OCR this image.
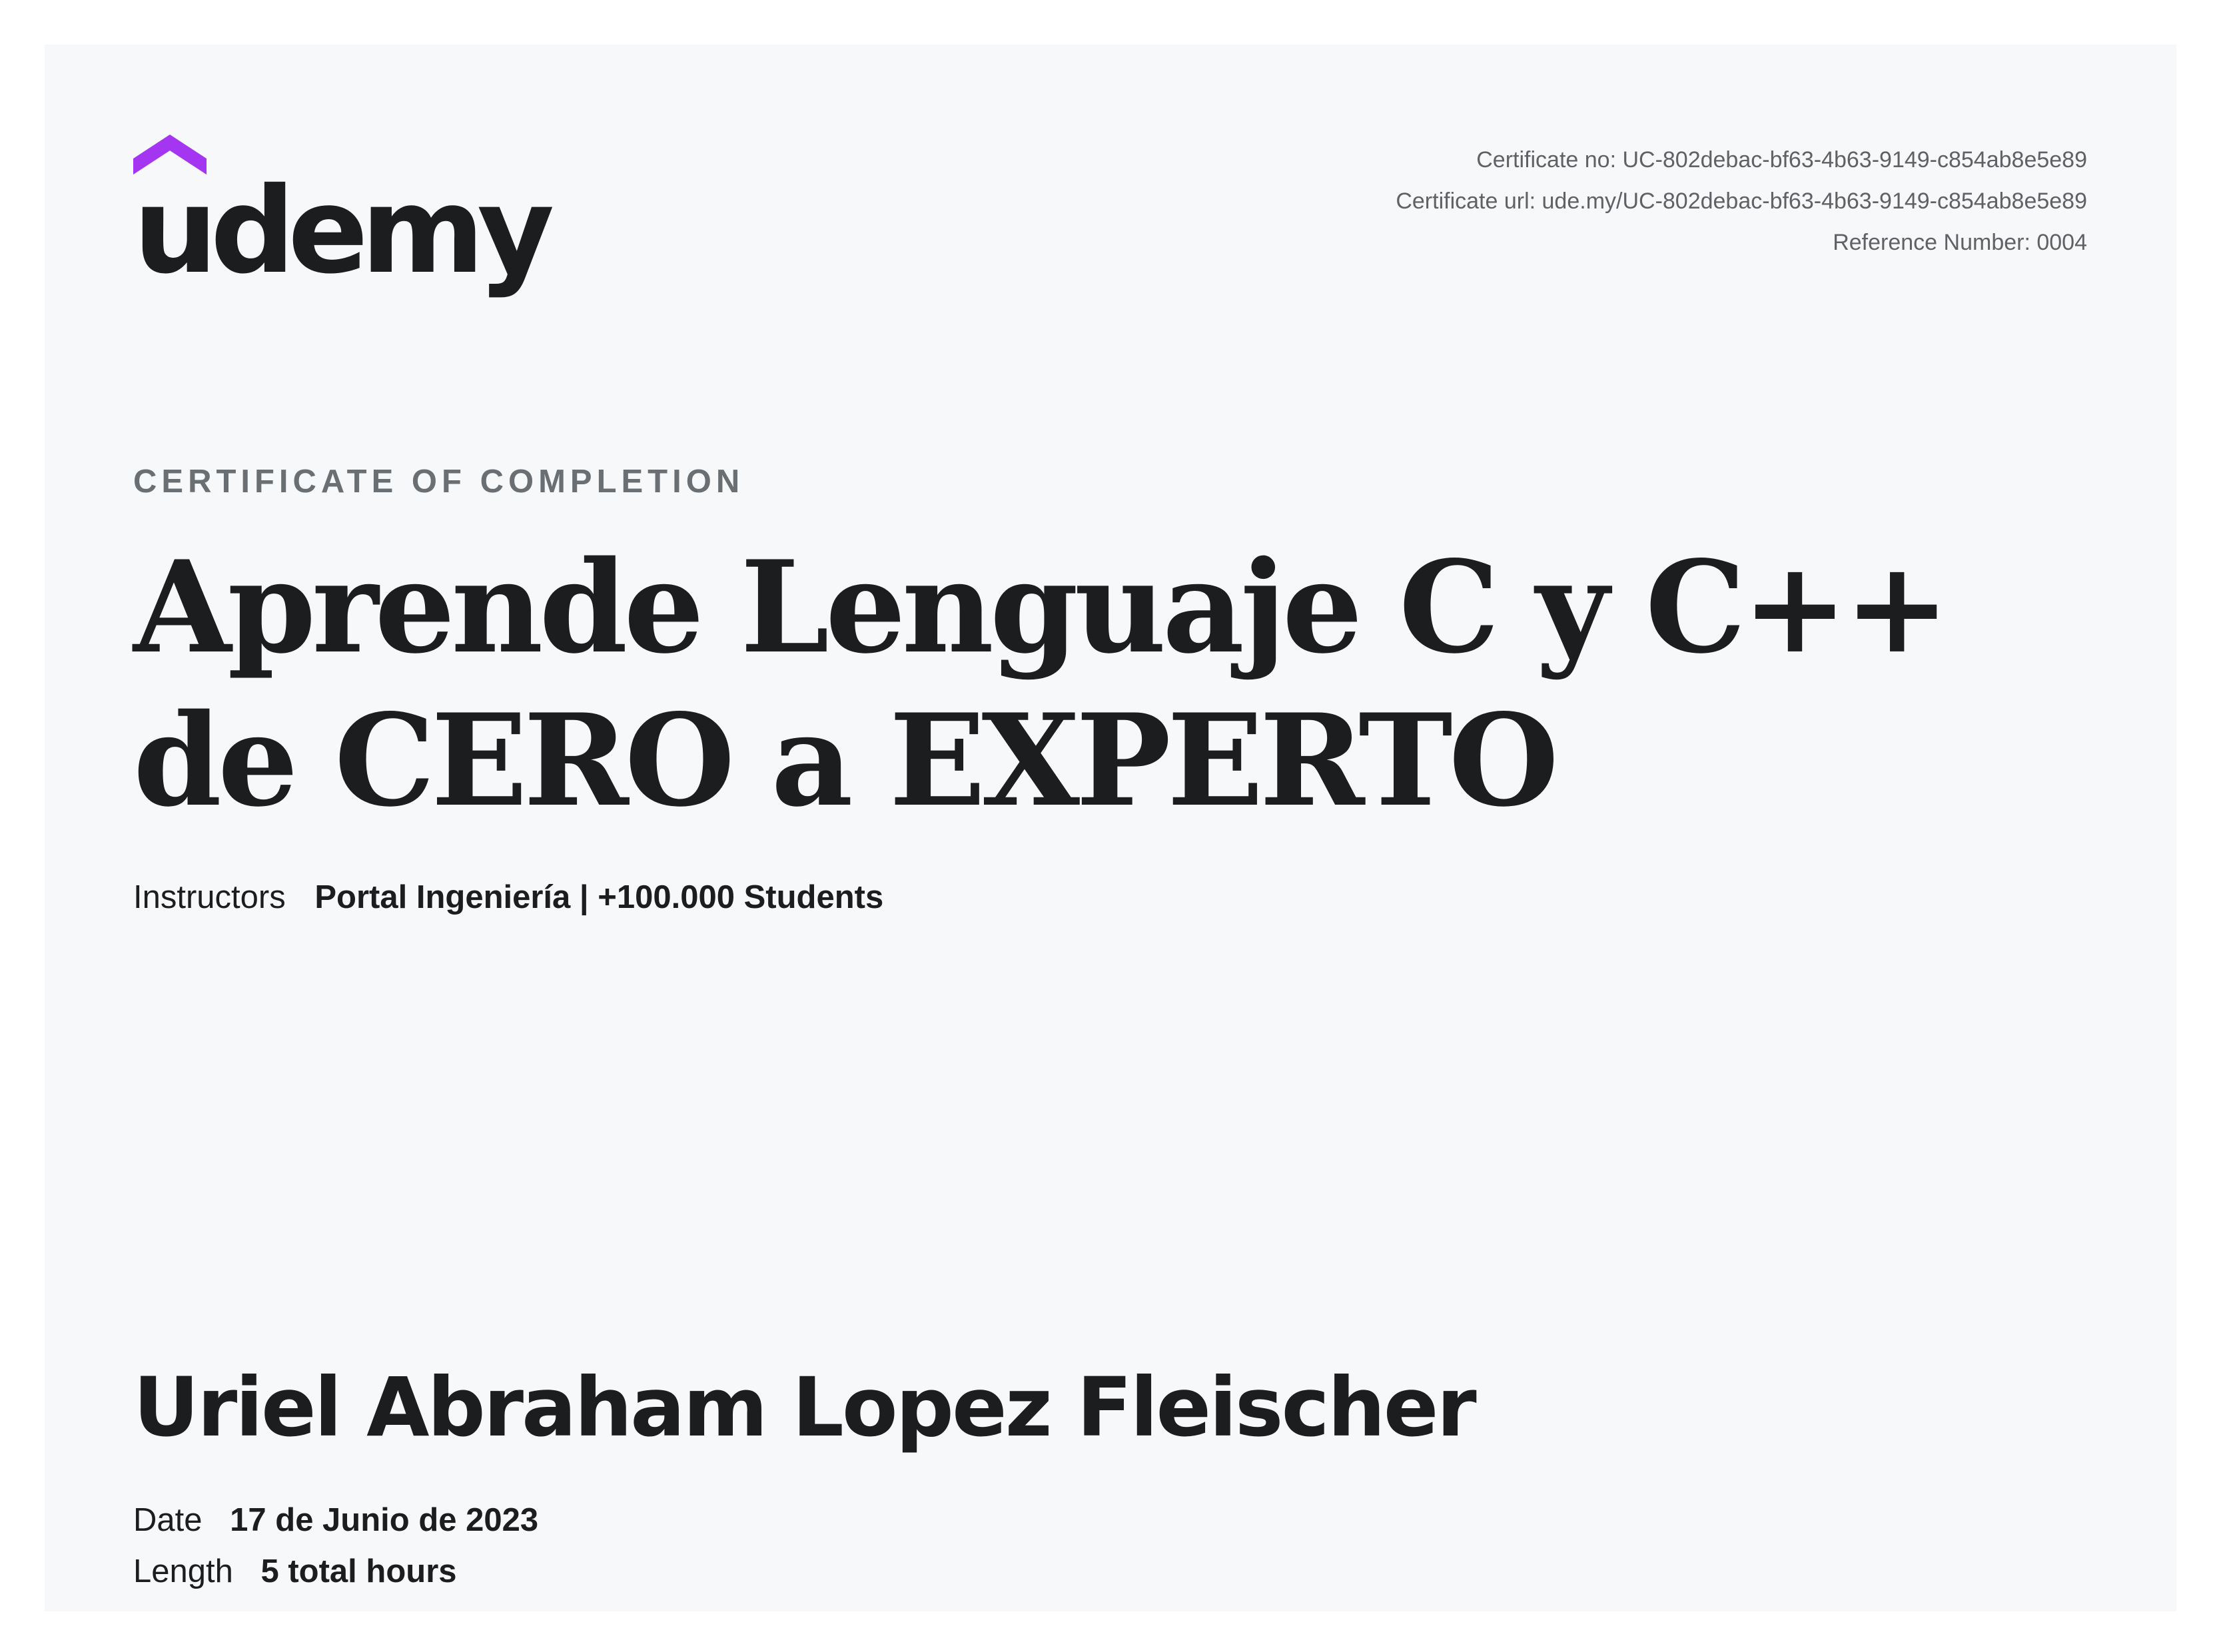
udemy
Certificate no: UC-802debac-bf63-4b63-9149-c854ab8e5e89
Certificate url: ude.my/UC-802debac-bf63-4b63-9149-c854ab8e5e89
Reference Number: 0004
CERTIFICATE OF COMPLETION
Aprende Lenguaje C y C++ de CERO a EXPERTO
Instructors Portal Ingeniería | +100.000 Students
Uriel Abraham Lopez Fleischer
Date 17 de Junio de 2023
Length 5 total hours
